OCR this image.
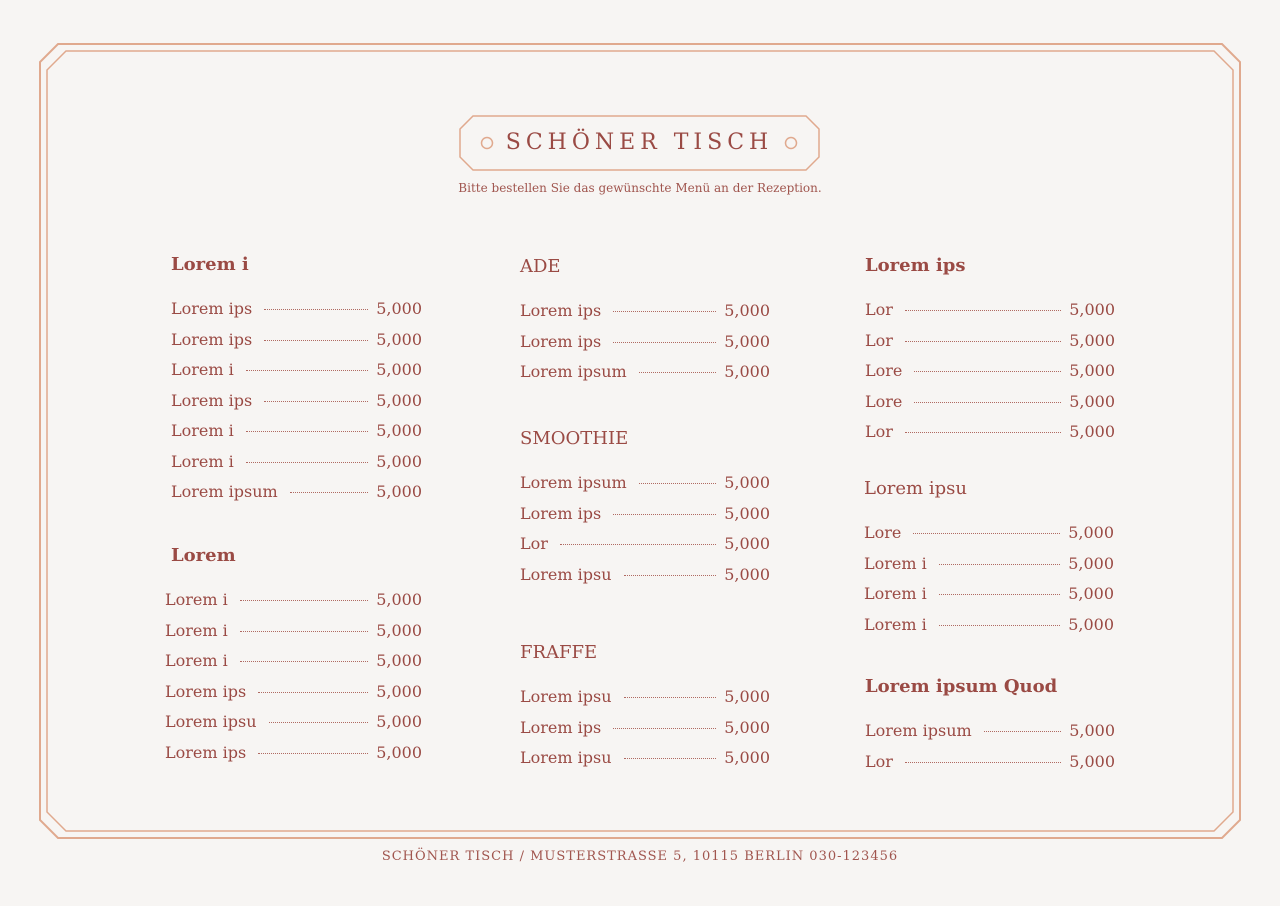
SCHÖNER TISCH
Bitte bestellen Sie das gewünschte Menü an der Rezeption.
Lorem i
Lorem ips	5,000
Lorem ips	5,000
Lorem i	5,000
Lorem ips	5,000
Lorem i	5,000
Lorem i	5,000
Lorem ipsum	5,000
Lorem
Lorem i	5,000
Lorem i	5,000
Lorem i	5,000
Lorem ips	5,000
Lorem ipsu	5,000
Lorem ips	5,000
ADE
Lorem ips	5,000
Lorem ips	5,000
Lorem ipsum	5,000
SMOOTHIE
Lorem ipsum	5,000
Lorem ips	5,000
Lor	5,000
Lorem ipsu	5,000
FRAFFE
Lorem ipsu	5,000
Lorem ips	5,000
Lorem ipsu	5,000
Lorem ips
Lor	5,000
Lor	5,000
Lore	5,000
Lore	5,000
Lor	5,000
Lorem ipsu
Lore	5,000
Lorem i	5,000
Lorem i	5,000
Lorem i	5,000
Lorem ipsum Quod
Lorem ipsum	5,000
Lor	5,000
SCHÖNER TISCH / MUSTERSTRASSE 5, 10115 BERLIN 030-123456
